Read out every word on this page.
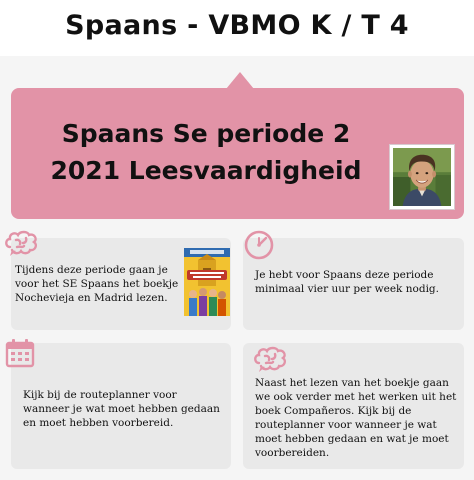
Spaans - VBMO K / T 4
Spaans Se periode 2
2021 Leesvaardigheid
Tijdens deze periode gaan je voor het SE Spaans het boekje Nochevieja en Madrid lezen.
Je hebt voor Spaans deze periode minimaal vier uur per week nodig.
Kijk bij de routeplanner voor wanneer je wat moet hebben gedaan en moet hebben voorbereid.
Naast het lezen van het boekje gaan we ook verder met het werken uit het boek Compañeros. Kijk bij de routeplanner voor wanneer je wat moet hebben gedaan en wat je moet voorbereiden.
